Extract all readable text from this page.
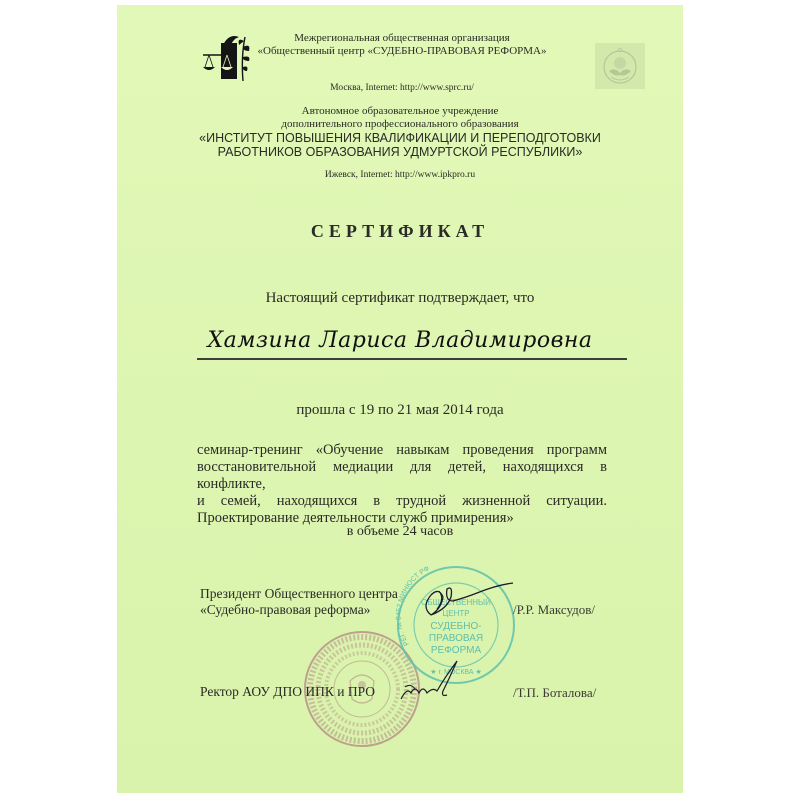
Межрегиональная общественная организация
«Общественный центр «СУДЕБНО-ПРАВОВАЯ РЕФОРМА»
Москва, Internet: http://www.sprc.ru/
Автономное образовательное учреждение
дополнительного профессионального образования
«ИНСТИТУТ ПОВЫШЕНИЯ КВАЛИФИКАЦИИ И ПЕРЕПОДГОТОВКИ
РАБОТНИКОВ ОБРАЗОВАНИЯ УДМУРТСКОЙ РЕСПУБЛИКИ»
Ижевск, Internet: http://www.ipkpro.ru
СЕРТИФИКАТ
Настоящий сертификат подтверждает, что
Хамзина Лариса Владимировна
прошла с 19 по 21 мая 2014 года
семинар-тренинг «Обучение навыкам проведения программ
восстановительной медиации для детей, находящихся в конфликте,
и семей, находящихся в трудной жизненной ситуации.
Проектирование деятельности служб примирения»
в объеме 24 часов
ОБЩЕСТВЕННЫЙ
ЦЕНТР
СУДЕБНО-
ПРАВОВАЯ
РЕФОРМА
РЕГ. № 8452 МИНЮСТ РФ
★ г. МОСКВА ★
Президент Общественного центра
«Судебно-правовая реформа»	/Р.Р. Максудов/
Ректор АОУ ДПО ИПК и ПРО	/Т.П. Боталова/
